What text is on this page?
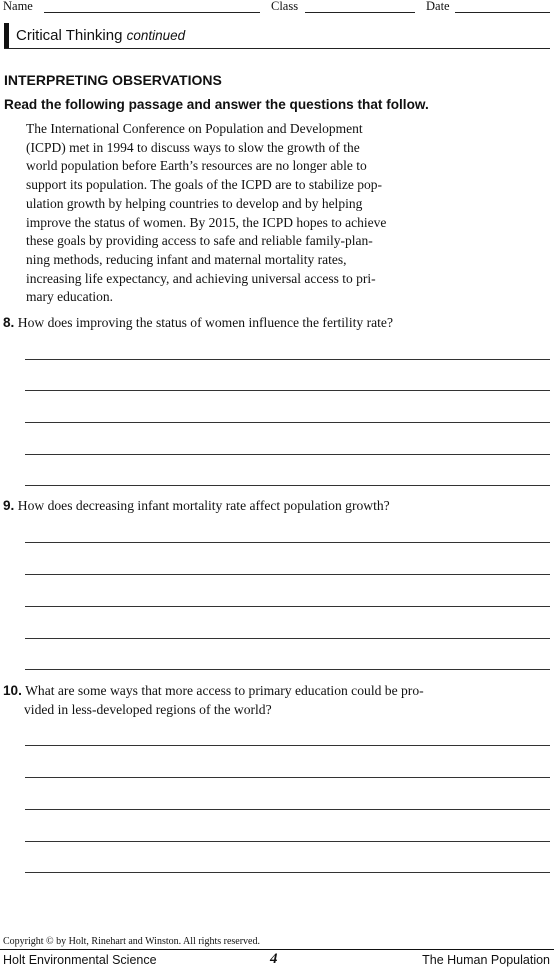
Name	Class	Date
Critical Thinking continued
INTERPRETING OBSERVATIONS
Read the following passage and answer the questions that follow.
The International Conference on Population and Development
(ICPD) met in 1994 to discuss ways to slow the growth of the
world population before Earth’s resources are no longer able to
support its population. The goals of the ICPD are to stabilize pop-
ulation growth by helping countries to develop and by helping
improve the status of women. By 2015, the ICPD hopes to achieve
these goals by providing access to safe and reliable family-plan-
ning methods, reducing infant and maternal mortality rates,
increasing life expectancy, and achieving universal access to pri-
mary education.
8. How does improving the status of women influence the fertility rate?
9. How does decreasing infant mortality rate affect population growth?
10. What are some ways that more access to primary education could be pro-
vided in less-developed regions of the world?
Copyright © by Holt, Rinehart and Winston. All rights reserved.
Holt Environmental Science	4	The Human Population
